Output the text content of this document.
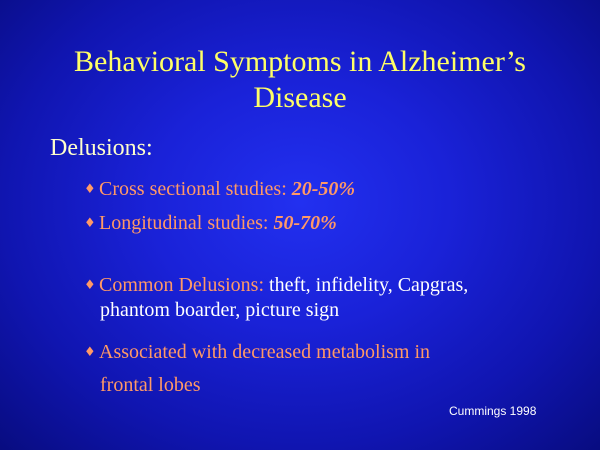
Behavioral Symptoms in Alzheimer’s
Disease
Delusions:
♦ Cross sectional studies: 20-50%
♦ Longitudinal studies: 50-70%
♦ Common Delusions: theft, infidelity, Capgras,
phantom boarder, picture sign
♦ Associated with decreased metabolism in
frontal lobes
Cummings 1998
